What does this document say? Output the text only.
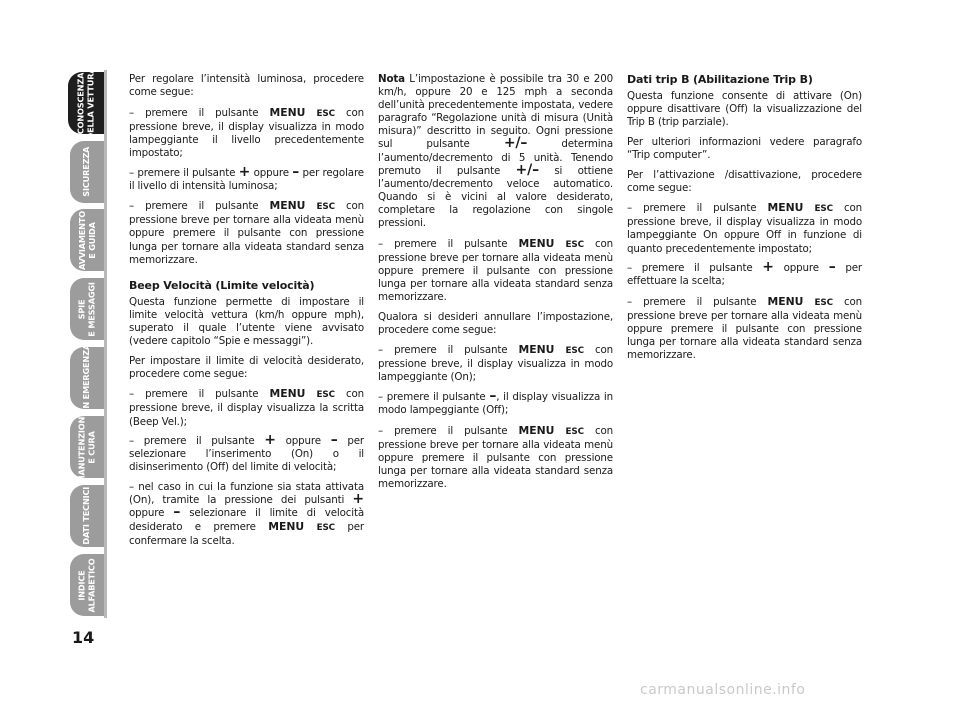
CONOSCENZA
DELLA VETTURA
SICUREZZA
AVVIAMENTO
E GUIDA
SPIE
E MESSAGGI
IN EMERGENZA
MANUTENZIONE
E CURA
DATI TECNICI
INDICE
ALFABETICO
14

Per regolare l’intensità luminosa, procedere come segue:

– premere il pulsante MENU ESC con pressione breve, il display visualizza in modo lampeggiante il livello precedentemente impostato;

– premere il pulsante + oppure – per regolare il livello di intensità luminosa;

– premere il pulsante MENU ESC con pressione breve per tornare alla videata menù oppure premere il pulsante con pressione lunga per tornare alla videata standard senza memorizzare.

Beep Velocità (Limite velocità)

Questa funzione permette di impostare il limite velocità vettura (km/h oppure mph), superato il quale l’utente viene avvisato (vedere capitolo “Spie e messaggi”).

Per impostare il limite di velocità desiderato, procedere come segue:

– premere il pulsante MENU ESC con pressione breve, il display visualizza la scritta (Beep Vel.);

– premere il pulsante + oppure – per selezionare l’inserimento (On) o il disinserimento (Off) del limite di velocità;

– nel caso in cui la funzione sia stata attivata (On), tramite la pressione dei pulsanti + oppure – selezionare il limite di velocità desiderato e premere MENU ESC per confermare la scelta.

Nota L’impostazione è possibile tra 30 e 200 km/h, oppure 20 e 125 mph a seconda dell’unità precedentemente impostata, vedere paragrafo “Regolazione unità di misura (Unità misura)” descritto in seguito. Ogni pressione sul pulsante +/– determina l’aumento/decremento di 5 unità. Tenendo premuto il pulsante +/– si ottiene l’aumento/decremento veloce automatico. Quando si è vicini al valore desiderato, completare la regolazione con singole pressioni.

– premere il pulsante MENU ESC con pressione breve per tornare alla videata menù oppure premere il pulsante con pressione lunga per tornare alla videata standard senza memorizzare.

Qualora si desideri annullare l’impostazione, procedere come segue:

– premere il pulsante MENU ESC con pressione breve, il display visualizza in modo lampeggiante (On);

– premere il pulsante –, il display visualizza in modo lampeggiante (Off);

– premere il pulsante MENU ESC con pressione breve per tornare alla videata menù oppure premere il pulsante con pressione lunga per tornare alla videata standard senza memorizzare.

Dati trip B (Abilitazione Trip B)

Questa funzione consente di attivare (On) oppure disattivare (Off) la visualizzazione del Trip B (trip parziale).

Per ulteriori informazioni vedere paragrafo “Trip computer”.

Per l’attivazione /disattivazione, procedere come segue:

– premere il pulsante MENU ESC con pressione breve, il display visualizza in modo lampeggiante On oppure Off in funzione di quanto precedentemente impostato;

– premere il pulsante + oppure – per effettuare la scelta;

– premere il pulsante MENU ESC con pressione breve per tornare alla videata menù oppure premere il pulsante con pressione lunga per tornare alla videata standard senza memorizzare.

carmanualsonline.info
